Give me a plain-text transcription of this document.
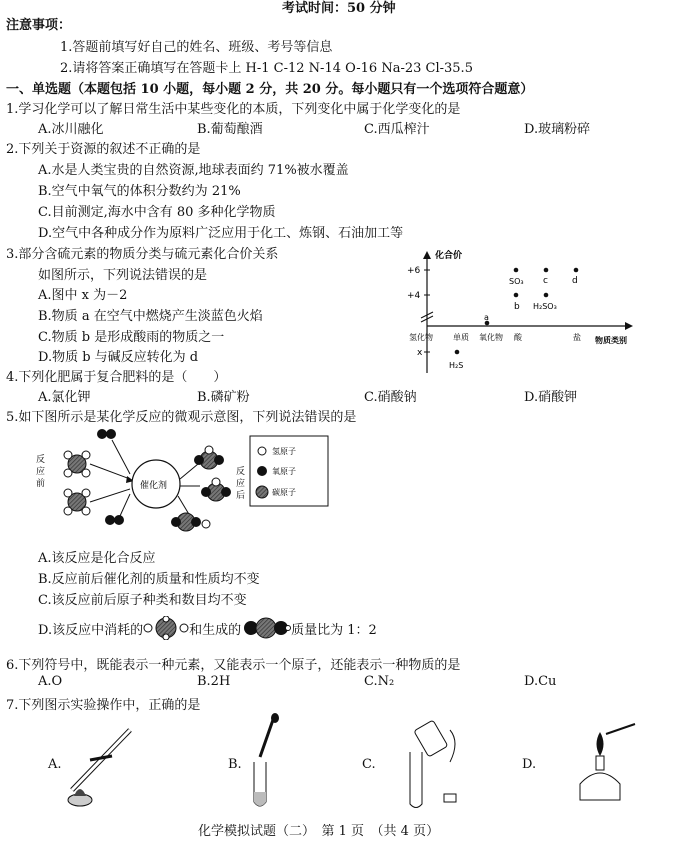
考试时间：50 分钟
注意事项：
1.答题前填写好自己的姓名、班级、考号等信息
2.请将答案正确填写在答题卡上 H-1 C-12 N-14 O-16 Na-23 Cl-35.5
一、单选题（本题包括 10 小题，每小题 2 分，共 20 分。每小题只有一个选项符合题意）
1.学习化学可以了解日常生活中某些变化的本质，下列变化中属于化学变化的是
A.冰川融化	B.葡萄酿酒	C.西瓜榨汁	D.玻璃粉碎
2.下列关于资源的叙述不正确的是
A.水是人类宝贵的自然资源,地球表面约 71%被水覆盖
B.空气中氧气的体积分数约为 21%
C.目前测定,海水中含有 80 多种化学物质
D.空气中各种成分作为原料广泛应用于化工、炼钢、石油加工等
3.部分含硫元素的物质分类与硫元素化合价关系
如图所示，下列说法错误的是
A.图中 x 为－2
B.物质 a 在空气中燃烧产生淡蓝色火焰
C.物质 b 是形成酸雨的物质之一
D.物质 b 与碱反应转化为 d
化合价
+6
+4
x
氢化物	单质 氧化物 酸	盐 物质类别
SO₃ c	d
b H₂SO₃
a
H₂S
4.下列化肥属于复合肥料的是（　　）
A.氯化钾	B.磷矿粉	C.硝酸钠	D.硝酸钾
5.如下图所示是某化学反应的微观示意图，下列说法错误的是
反
应
前	催化剂
反
应
后
氢原子
氧原子
碳原子
A.该反应是化合反应
B.反应前后催化剂的质量和性质均不变
C.该反应前后原子种类和数目均不变
D.该反应中消耗的	和生成的	质量比为 1：2
6.下列符号中，既能表示一种元素，又能表示一个原子，还能表示一种物质的是
A.O	B.2H	C.N₂	D.Cu
7.下列图示实验操作中，正确的是
A.	B.	C.	D.
化学模拟试题（二）　第 1 页　（共 4 页）
